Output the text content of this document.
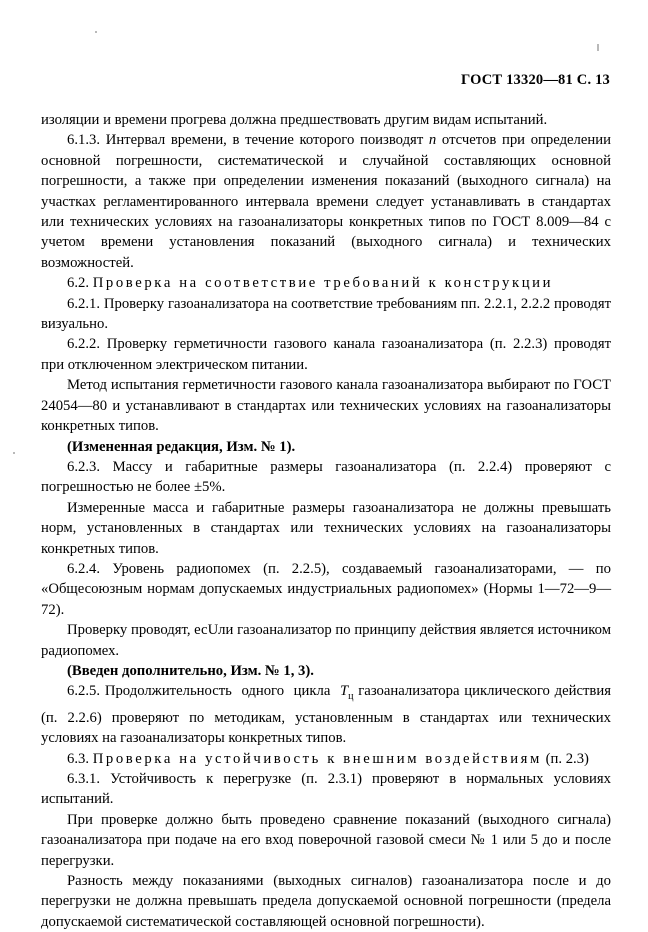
ГОСТ 13320—81 С. 13

изоляции и времени прогрева должна предшествовать другим видам испытаний.

6.1.3. Интервал времени, в течение которого поизводят n отсчетов при определении основной погрешности, систематической и случайной составляющих основной погрешности, а также при определении изменения показаний (выходного сигнала) на участках регламентированного интервала времени следует устанавливать в стандартах или технических условиях на газоанализаторы конкретных типов по ГОСТ 8.009—84 с учетом времени установления показаний (выходного сигнала) и технических возможностей.

6.2. Проверка на соответствие требований к конструкции

6.2.1. Проверку газоанализатора на соответствие требованиям пп. 2.2.1, 2.2.2 проводят визуально.

6.2.2. Проверку герметичности газового канала газоанализатора (п. 2.2.3) проводят при отключенном электрическом питании.

Метод испытания герметичности газового канала газоанализатора выбирают по ГОСТ 24054—80 и устанавливают в стандартах или технических условиях на газоанализаторы конкретных типов.

(Измененная редакция, Изм. № 1).

6.2.3. Массу и габаритные размеры газоанализатора (п. 2.2.4) проверяют с погрешностью не более ±5%.

Измеренные масса и габаритные размеры газоанализатора не должны превышать норм, установленных в стандартах или технических условиях на газоанализаторы конкретных типов.

6.2.4. Уровень радиопомех (п. 2.2.5), создаваемый газоанализаторами, — по «Общесоюзным нормам допускаемых индустриальных радиопомех» (Нормы 1—72—9—72).

Проверку проводят, есUли газоанализатор по принципу действия является источником радиопомех.

(Введен дополнительно, Изм. № 1, 3).

6.2.5. Продолжительность  одного  цикла  $T_ц$ газоанализатора циклического действия (п. 2.2.6) проверяют по методикам, установленным в стандартах или технических условиях на газоанализаторы конкретных типов.

6.3. Проверка на устойчивость к внешним воздействиям (п. 2.3)

6.3.1. Устойчивость к перегрузке (п. 2.3.1) проверяют в нормальных условиях испытаний.

При проверке должно быть проведено сравнение показаний (выходного сигнала) газоанализатора при подаче на его вход поверочной газовой смеси № 1 или 5 до и после перегрузки.

Разность между показаниями (выходных сигналов) газоанализатора после и до перегрузки не должна превышать предела допускаемой основной погрешности (предела допускаемой систематической составляющей основной погрешности).
